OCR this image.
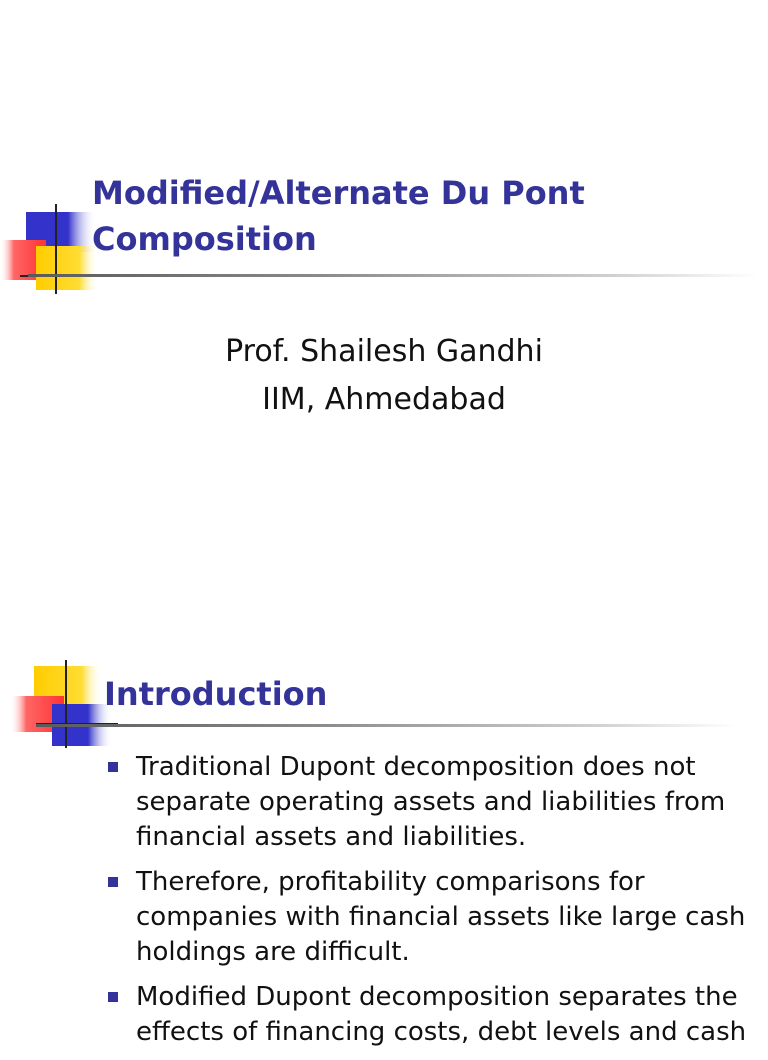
Modified/Alternate Du Pont Composition

Prof. Shailesh Gandhi

IIM, Ahmedabad

Introduction
Traditional Dupont decomposition does not separate operating assets and liabilities from financial assets and liabilities.
Therefore, profitability comparisons for companies with financial assets like large cash holdings are difficult.
Modified Dupont decomposition separates the effects of financing costs, debt levels and cash
